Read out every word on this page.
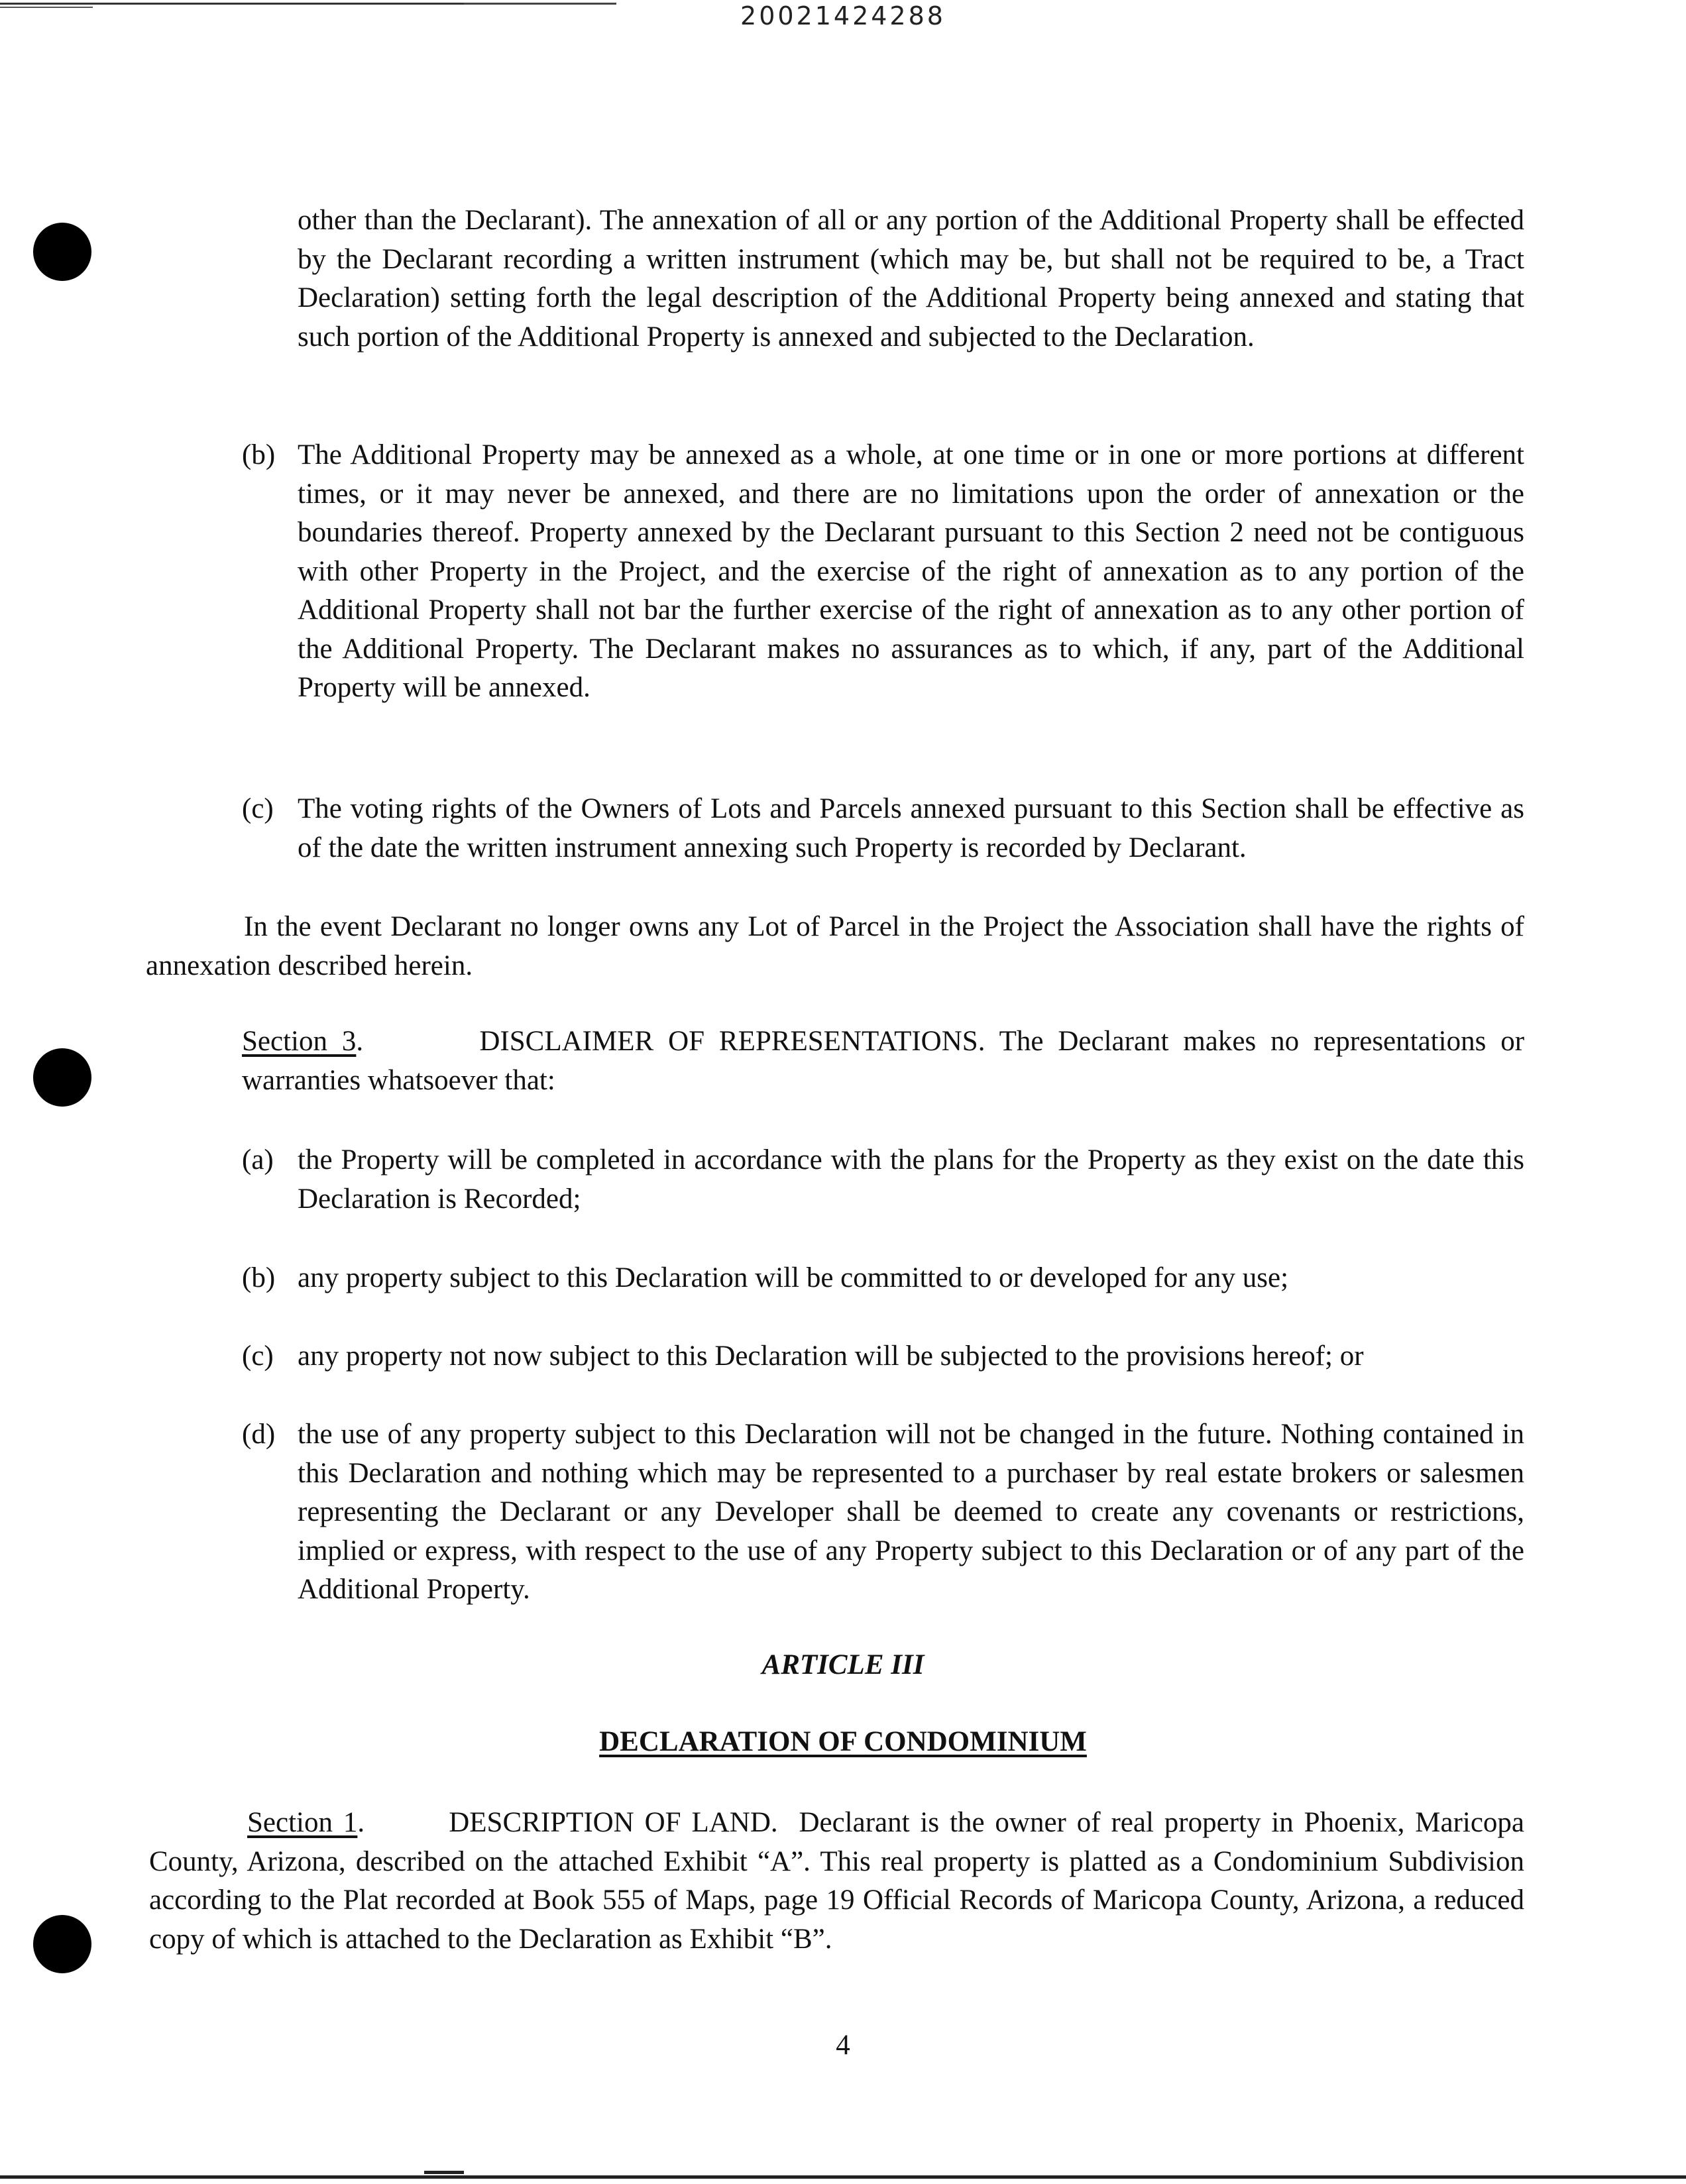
20021424288
other than the Declarant). The annexation of all or any portion of the Additional Property shall be effected by the Declarant recording a written instrument (which may be, but shall not be required to be, a Tract Declaration) setting forth the legal description of the Additional Property being annexed and stating that such portion of the Additional Property is annexed and subjected to the Declaration.
(b) The Additional Property may be annexed as a whole, at one time or in one or more portions at different times, or it may never be annexed, and there are no limitations upon the order of annexation or the boundaries thereof. Property annexed by the Declarant pursuant to this Section 2 need not be contiguous with other Property in the Project, and the exercise of the right of annexation as to any portion of the Additional Property shall not bar the further exercise of the right of annexation as to any other portion of the Additional Property. The Declarant makes no assurances as to which, if any, part of the Additional Property will be annexed.
(c) The voting rights of the Owners of Lots and Parcels annexed pursuant to this Section shall be effective as of the date the written instrument annexing such Property is recorded by Declarant.
In the event Declarant no longer owns any Lot of Parcel in the Project the Association shall have the rights of annexation described herein.
Section 3.        DISCLAIMER OF REPRESENTATIONS. The Declarant makes no representations or warranties whatsoever that:
(a) the Property will be completed in accordance with the plans for the Property as they exist on the date this Declaration is Recorded;
(b) any property subject to this Declaration will be committed to or developed for any use;
(c) any property not now subject to this Declaration will be subjected to the provisions hereof; or
(d) the use of any property subject to this Declaration will not be changed in the future. Nothing contained in this Declaration and nothing which may be represented to a purchaser by real estate brokers or salesmen representing the Declarant or any Developer shall be deemed to create any covenants or restrictions, implied or express, with respect to the use of any Property subject to this Declaration or of any part of the Additional Property.
ARTICLE III
DECLARATION OF CONDOMINIUM
Section 1.        DESCRIPTION OF LAND. Declarant is the owner of real property in Phoenix, Maricopa County, Arizona, described on the attached Exhibit “A”. This real property is platted as a Condominium Subdivision according to the Plat recorded at Book 555 of Maps, page 19 Official Records of Maricopa County, Arizona, a reduced copy of which is attached to the Declaration as Exhibit “B”.
4
